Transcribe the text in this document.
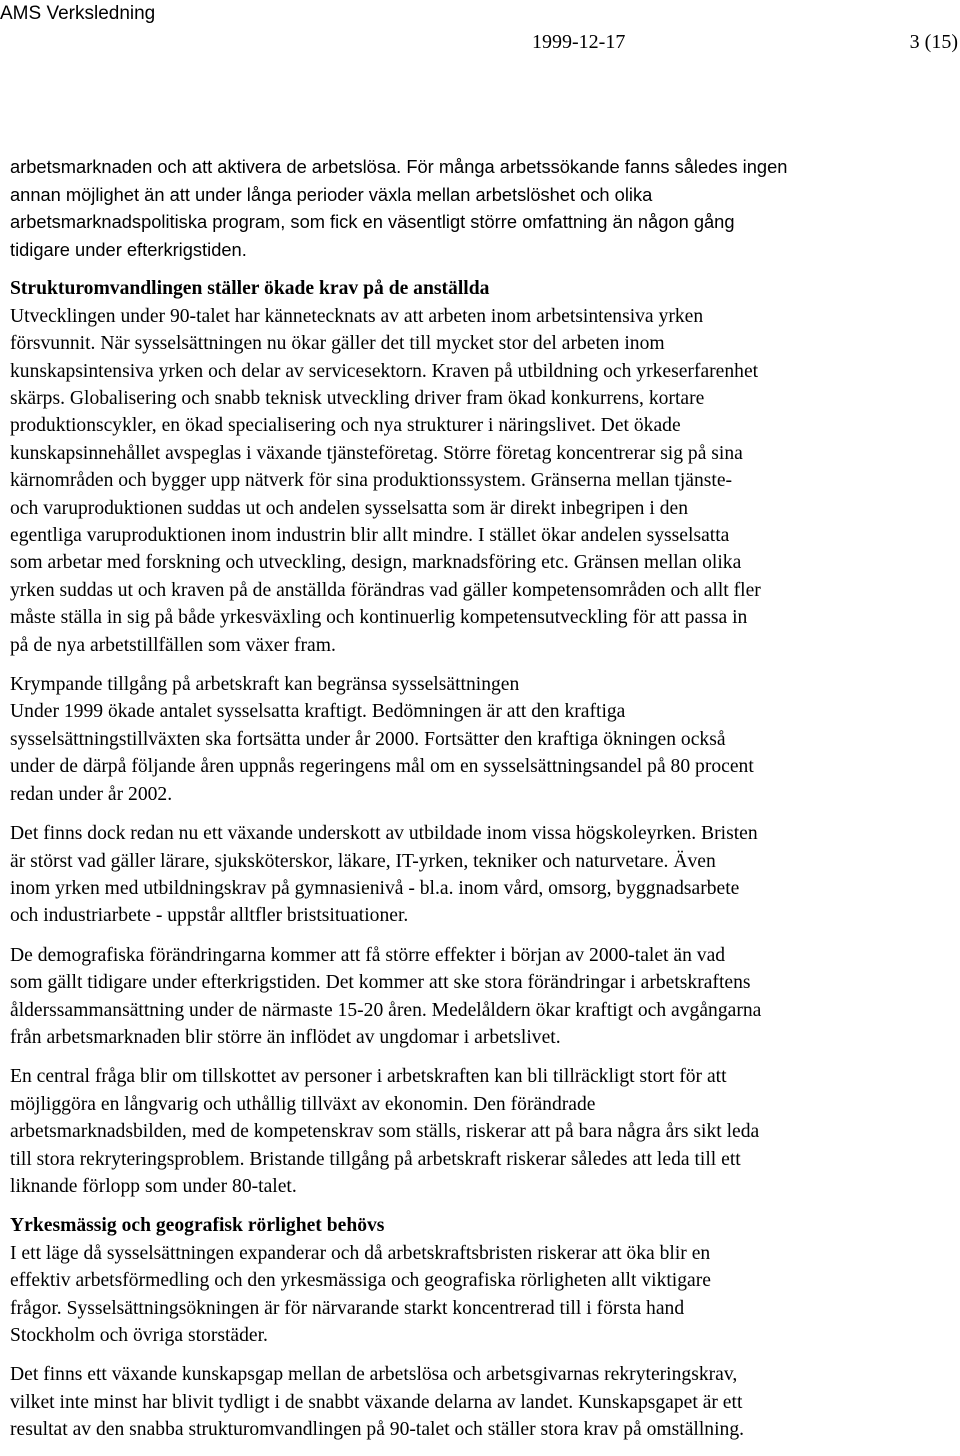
AMS Verksledning
1999-12-17	3 (15)

arbetsmarknaden och att aktivera de arbetslösa. För många arbetssökande fanns således ingen
annan möjlighet än att under långa perioder växla mellan arbetslöshet och olika
arbetsmarknadspolitiska program, som fick en väsentligt större omfattning än någon gång
tidigare under efterkrigstiden.

Strukturomvandlingen ställer ökade krav på de anställda
Utvecklingen under 90-talet har kännetecknats av att arbeten inom arbetsintensiva yrken
försvunnit. När sysselsättningen nu ökar gäller det till mycket stor del arbeten inom
kunskapsintensiva yrken och delar av servicesektorn. Kraven på utbildning och yrkeserfarenhet
skärps. Globalisering och snabb teknisk utveckling driver fram ökad konkurrens, kortare
produktionscykler, en ökad specialisering och nya strukturer i näringslivet. Det ökade
kunskapsinnehållet avspeglas i växande tjänsteföretag. Större företag koncentrerar sig på sina
kärnområden och bygger upp nätverk för sina produktionssystem. Gränserna mellan tjänste-
och varuproduktionen suddas ut och andelen sysselsatta som är direkt inbegripen i den
egentliga varuproduktionen inom industrin blir allt mindre. I stället ökar andelen sysselsatta
som arbetar med forskning och utveckling, design, marknadsföring etc. Gränsen mellan olika
yrken suddas ut och kraven på de anställda förändras vad gäller kompetensområden och allt fler
måste ställa in sig på både yrkesväxling och kontinuerlig kompetensutveckling för att passa in
på de nya arbetstillfällen som växer fram.
Krympande tillgång på arbetskraft kan begränsa sysselsättningen
Under 1999 ökade antalet sysselsatta kraftigt. Bedömningen är att den kraftiga
sysselsättningstillväxten ska fortsätta under år 2000. Fortsätter den kraftiga ökningen också
under de därpå följande åren uppnås regeringens mål om en sysselsättningsandel på 80 procent
redan under år 2002.

Det finns dock redan nu ett växande underskott av utbildade inom vissa högskoleyrken. Bristen
är störst vad gäller lärare, sjuksköterskor, läkare, IT-yrken, tekniker och naturvetare. Även
inom yrken med utbildningskrav på gymnasienivå - bl.a. inom vård, omsorg, byggnadsarbete
och industriarbete - uppstår alltfler bristsituationer.

De demografiska förändringarna kommer att få större effekter i början av 2000-talet än vad
som gällt tidigare under efterkrigstiden. Det kommer att ske stora förändringar i arbetskraftens
ålderssammansättning under de närmaste 15-20 åren. Medelåldern ökar kraftigt och avgångarna
från arbetsmarknaden blir större än inflödet av ungdomar i arbetslivet.

En central fråga blir om tillskottet av personer i arbetskraften kan bli tillräckligt stort för att
möjliggöra en långvarig och uthållig tillväxt av ekonomin. Den förändrade
arbetsmarknadsbilden, med de kompetenskrav som ställs, riskerar att på bara några års sikt leda
till stora rekryteringsproblem. Bristande tillgång på arbetskraft riskerar således att leda till ett
liknande förlopp som under 80-talet.

Yrkesmässig och geografisk rörlighet behövs
I ett läge då sysselsättningen expanderar och då arbetskraftsbristen riskerar att öka blir en
effektiv arbetsförmedling och den yrkesmässiga och geografiska rörligheten allt viktigare
frågor. Sysselsättningsökningen är för närvarande starkt koncentrerad till i första hand
Stockholm och övriga storstäder.

Det finns ett växande kunskapsgap mellan de arbetslösa och arbetsgivarnas rekryteringskrav,
vilket inte minst har blivit tydligt i de snabbt växande delarna av landet. Kunskapsgapet är ett
resultat av den snabba strukturomvandlingen på 90-talet och ställer stora krav på omställning.
